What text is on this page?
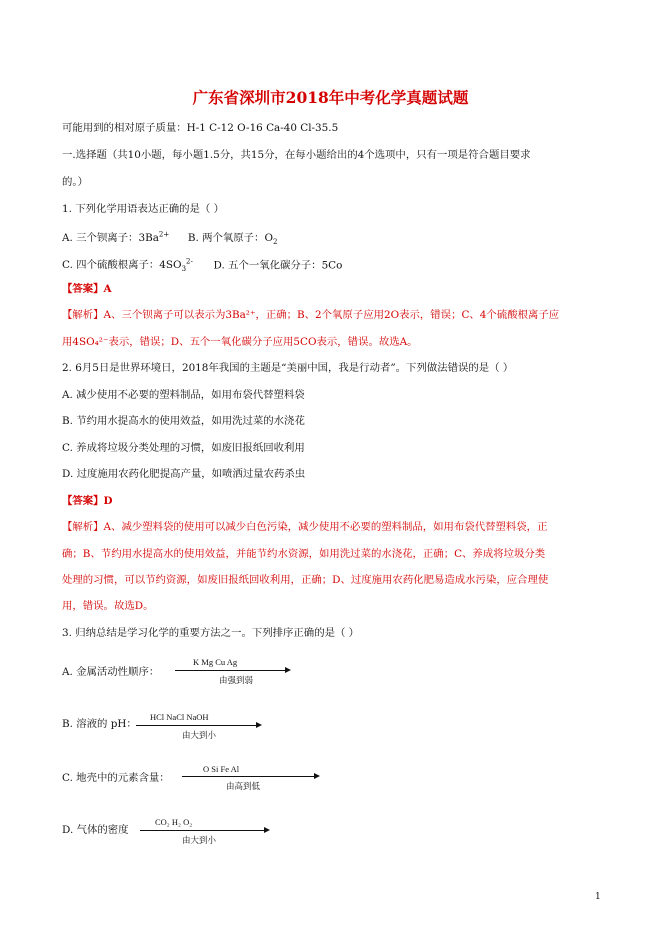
广东省深圳市2018年中考化学真题试题
可能用到的相对原子质量：H-1 C-12 O-16 Ca-40 Cl-35.5
一.选择题（共10小题，每小题1.5分，共15分，在每小题给出的4个选项中，只有一项是符合题目要求
的。）
1. 下列化学用语表达正确的是（ ）
A. 三个钡离子：$3Ba^{2+}$ B. 两个氧原子：$O_2$
C. 四个硫酸根离子：$4SO_3^{2-}$ D. 五个一氧化碳分子：5Co
【答案】A
【解析】A、三个钡离子可以表示为3Ba²⁺，正确；B、2个氧原子应用2O表示，错误；C、4个硫酸根离子应
用4SO₄²⁻表示，错误；D、五个一氧化碳分子应用5CO表示，错误。故选A。
2. 6月5日是世界环境日，2018年我国的主题是“美丽中国，我是行动者”。下列做法错误的是（ ）
A. 减少使用不必要的塑料制品，如用布袋代替塑料袋
B. 节约用水提高水的使用效益，如用洗过菜的水浇花
C. 养成将垃圾分类处理的习惯，如废旧报纸回收利用
D. 过度施用农药化肥提高产量，如喷洒过量农药杀虫
【答案】D
【解析】A、减少塑料袋的使用可以减少白色污染，减少使用不必要的塑料制品，如用布袋代替塑料袋，正
确；B、节约用水提高水的使用效益，并能节约水资源，如用洗过菜的水浇花，正确；C、养成将垃圾分类
处理的习惯，可以节约资源，如废旧报纸回收利用，正确；D、过度施用农药化肥易造成水污染，应合理使
用，错误。故选D。
3. 归纳总结是学习化学的重要方法之一。下列排序正确的是（ ）
A. 金属活动性顺序：
K Mg Cu Ag
由强到弱
B. 溶液的 pH：
HCl NaCl NaOH
由大到小
C. 地壳中的元素含量：
O Si Fe Al
由高到低
D. 气体的密度
CO₂ H₂ O₂
由大到小
1
